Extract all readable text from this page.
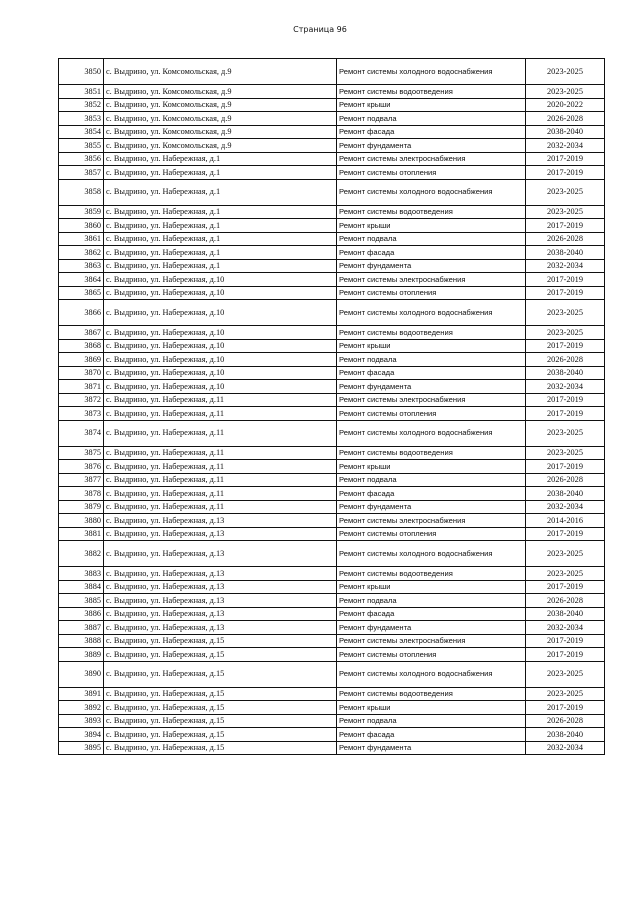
Страница 96
3850	с. Выдрино, ул. Комсомольская, д.9	Ремонт системы холодного водоснабжения	2023-2025
3851	с. Выдрино, ул. Комсомольская, д.9	Ремонт системы водоотведения	2023-2025
3852	с. Выдрино, ул. Комсомольская, д.9	Ремонт крыши	2020-2022
3853	с. Выдрино, ул. Комсомольская, д.9	Ремонт подвала	2026-2028
3854	с. Выдрино, ул. Комсомольская, д.9	Ремонт фасада	2038-2040
3855	с. Выдрино, ул. Комсомольская, д.9	Ремонт фундамента	2032-2034
3856	с. Выдрино, ул. Набережная, д.1	Ремонт системы электроснабжения	2017-2019
3857	с. Выдрино, ул. Набережная, д.1	Ремонт системы отопления	2017-2019
3858	с. Выдрино, ул. Набережная, д.1	Ремонт системы холодного водоснабжения	2023-2025
3859	с. Выдрино, ул. Набережная, д.1	Ремонт системы водоотведения	2023-2025
3860	с. Выдрино, ул. Набережная, д.1	Ремонт крыши	2017-2019
3861	с. Выдрино, ул. Набережная, д.1	Ремонт подвала	2026-2028
3862	с. Выдрино, ул. Набережная, д.1	Ремонт фасада	2038-2040
3863	с. Выдрино, ул. Набережная, д.1	Ремонт фундамента	2032-2034
3864	с. Выдрино, ул. Набережная, д.10	Ремонт системы электроснабжения	2017-2019
3865	с. Выдрино, ул. Набережная, д.10	Ремонт системы отопления	2017-2019
3866	с. Выдрино, ул. Набережная, д.10	Ремонт системы холодного водоснабжения	2023-2025
3867	с. Выдрино, ул. Набережная, д.10	Ремонт системы водоотведения	2023-2025
3868	с. Выдрино, ул. Набережная, д.10	Ремонт крыши	2017-2019
3869	с. Выдрино, ул. Набережная, д.10	Ремонт подвала	2026-2028
3870	с. Выдрино, ул. Набережная, д.10	Ремонт фасада	2038-2040
3871	с. Выдрино, ул. Набережная, д.10	Ремонт фундамента	2032-2034
3872	с. Выдрино, ул. Набережная, д.11	Ремонт системы электроснабжения	2017-2019
3873	с. Выдрино, ул. Набережная, д.11	Ремонт системы отопления	2017-2019
3874	с. Выдрино, ул. Набережная, д.11	Ремонт системы холодного водоснабжения	2023-2025
3875	с. Выдрино, ул. Набережная, д.11	Ремонт системы водоотведения	2023-2025
3876	с. Выдрино, ул. Набережная, д.11	Ремонт крыши	2017-2019
3877	с. Выдрино, ул. Набережная, д.11	Ремонт подвала	2026-2028
3878	с. Выдрино, ул. Набережная, д.11	Ремонт фасада	2038-2040
3879	с. Выдрино, ул. Набережная, д.11	Ремонт фундамента	2032-2034
3880	с. Выдрино, ул. Набережная, д.13	Ремонт системы электроснабжения	2014-2016
3881	с. Выдрино, ул. Набережная, д.13	Ремонт системы отопления	2017-2019
3882	с. Выдрино, ул. Набережная, д.13	Ремонт системы холодного водоснабжения	2023-2025
3883	с. Выдрино, ул. Набережная, д.13	Ремонт системы водоотведения	2023-2025
3884	с. Выдрино, ул. Набережная, д.13	Ремонт крыши	2017-2019
3885	с. Выдрино, ул. Набережная, д.13	Ремонт подвала	2026-2028
3886	с. Выдрино, ул. Набережная, д.13	Ремонт фасада	2038-2040
3887	с. Выдрино, ул. Набережная, д.13	Ремонт фундамента	2032-2034
3888	с. Выдрино, ул. Набережная, д.15	Ремонт системы электроснабжения	2017-2019
3889	с. Выдрино, ул. Набережная, д.15	Ремонт системы отопления	2017-2019
3890	с. Выдрино, ул. Набережная, д.15	Ремонт системы холодного водоснабжения	2023-2025
3891	с. Выдрино, ул. Набережная, д.15	Ремонт системы водоотведения	2023-2025
3892	с. Выдрино, ул. Набережная, д.15	Ремонт крыши	2017-2019
3893	с. Выдрино, ул. Набережная, д.15	Ремонт подвала	2026-2028
3894	с. Выдрино, ул. Набережная, д.15	Ремонт фасада	2038-2040
3895	с. Выдрино, ул. Набережная, д.15	Ремонт фундамента	2032-2034
